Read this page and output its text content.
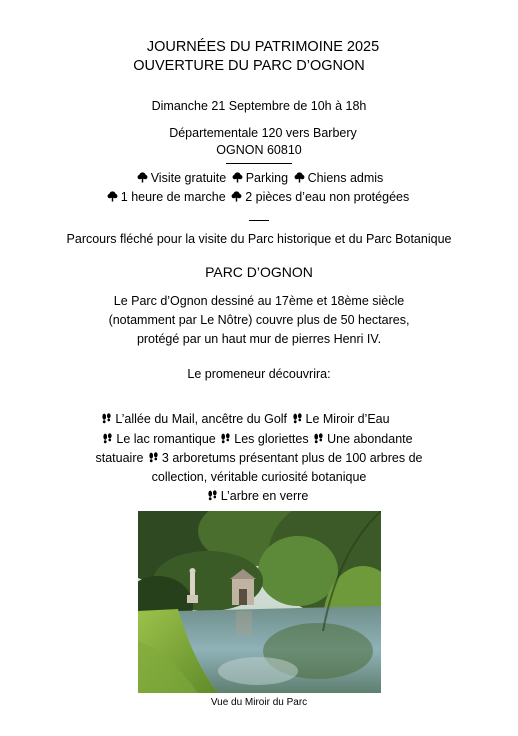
JOURNÉES DU PATRIMOINE 2025
OUVERTURE DU PARC D’OGNON
Dimanche 21 Septembre de 10h à 18h
Départementale 120 vers Barbery
OGNON 60810
Visite gratuite Parking Chiens admis
1 heure de marche 2 pièces d’eau non protégées
Parcours fléché pour la visite du Parc historique et du Parc Botanique
PARC D’OGNON
Le Parc d’Ognon dessiné au 17ème et 18ème siècle
(notamment par Le Nôtre) couvre plus de 50 hectares,
protégé par un haut mur de pierres Henri IV.
Le promeneur découvrira:
L’allée du Mail, ancêtre du Golf Le Miroir d’Eau
Le lac romantique Les gloriettes Une abondante
statuaire 3 arboretums présentant plus de 100 arbres de
collection, véritable curiosité botanique
L’arbre en verre
Vue du Miroir du Parc
